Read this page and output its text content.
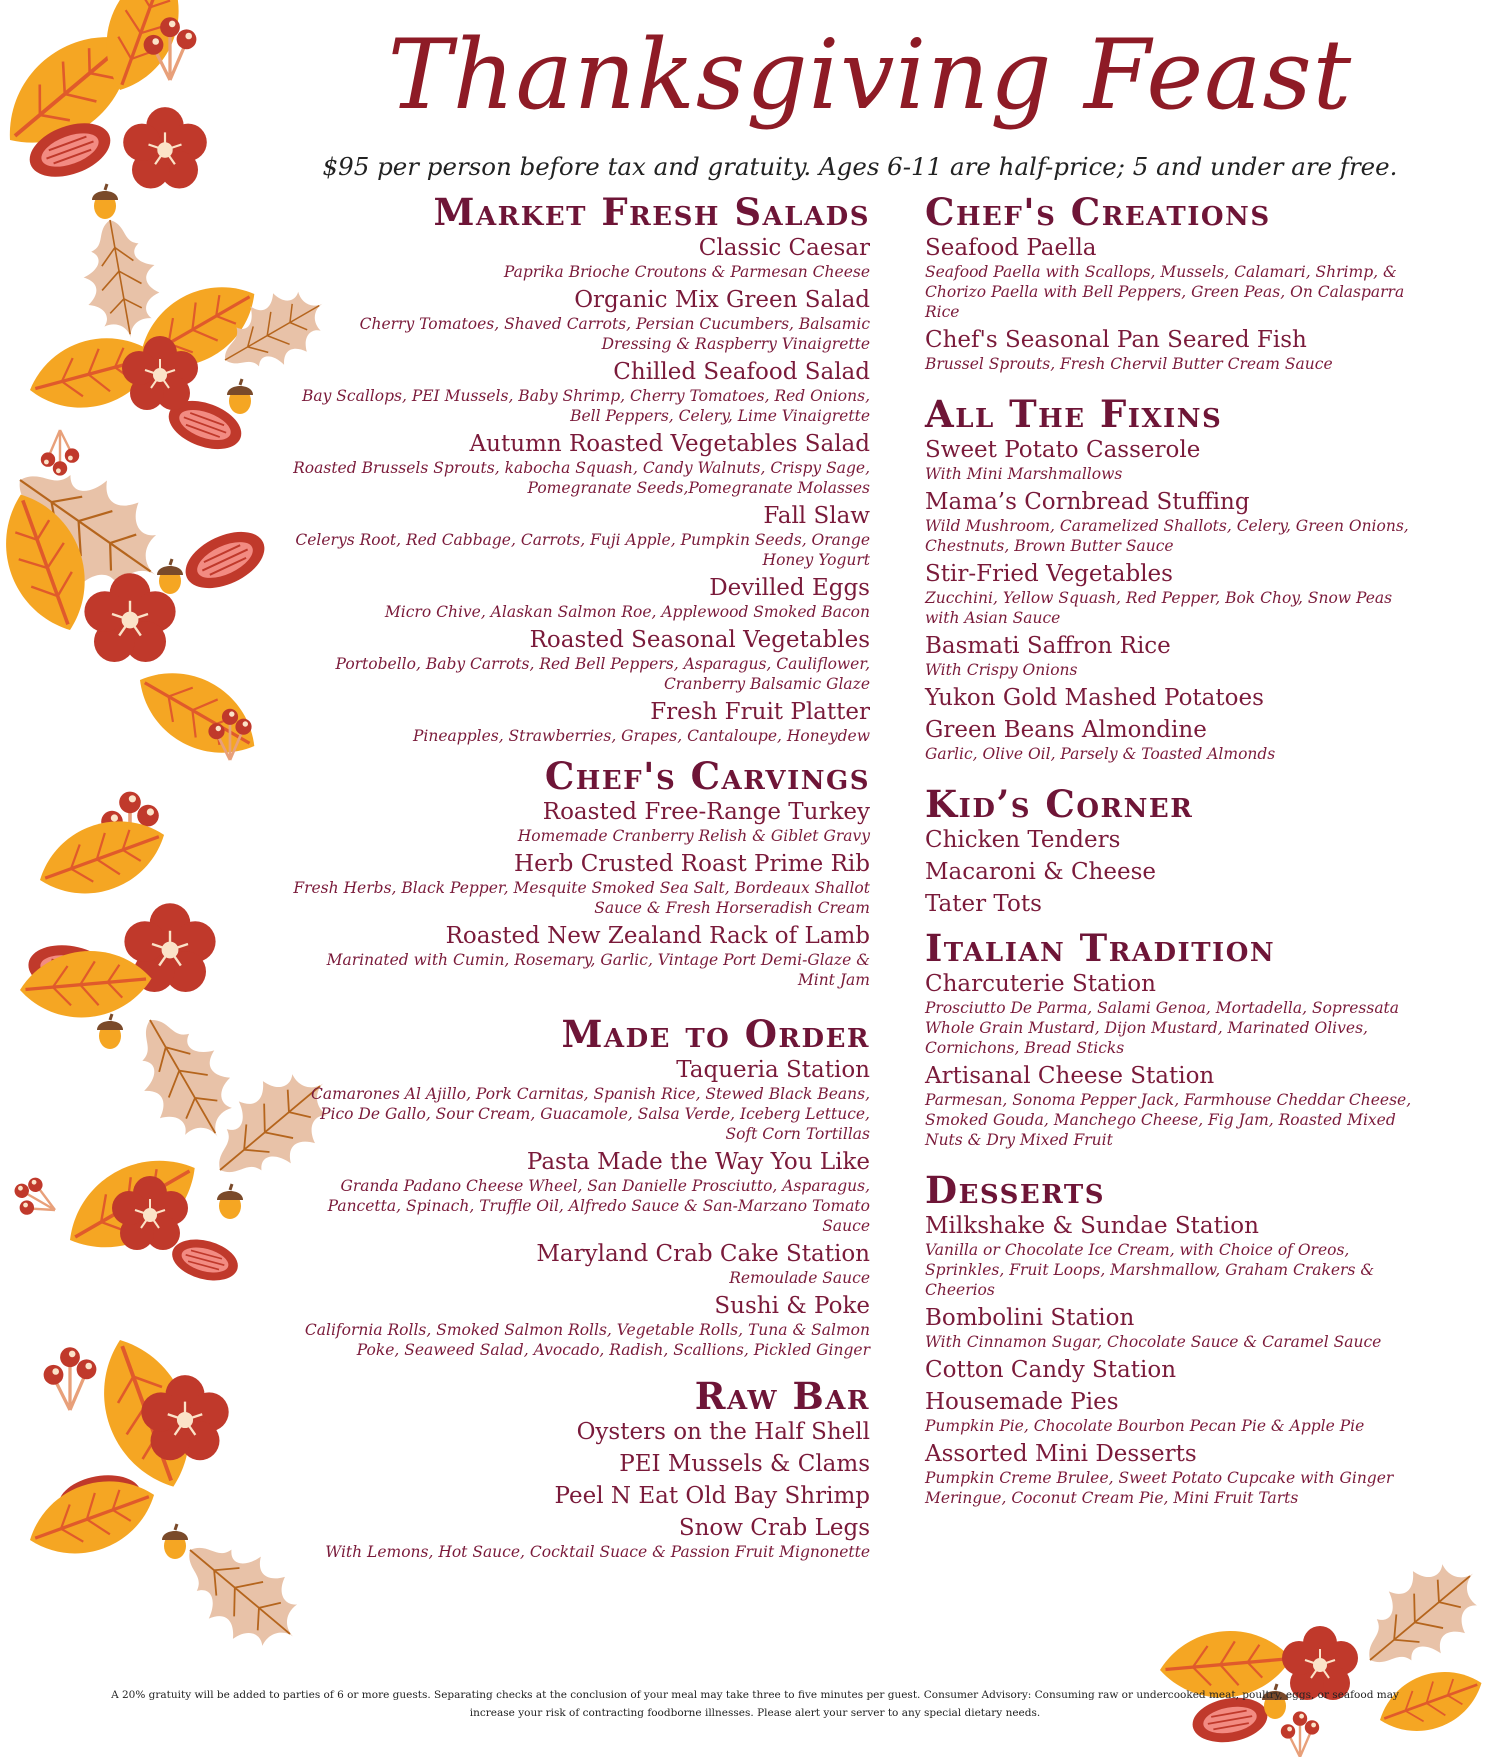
Thanksgiving Feast
$95 per person before tax and gratuity. Ages 6-11 are half-price; 5 and under are free.
Market Fresh Salads
Classic Caesar
Paprika Brioche Croutons & Parmesan Cheese
Organic Mix Green Salad
Cherry Tomatoes, Shaved Carrots, Persian Cucumbers, Balsamic Dressing & Raspberry Vinaigrette
Chilled Seafood Salad
Bay Scallops, PEI Mussels, Baby Shrimp, Cherry Tomatoes, Red Onions, Bell Peppers, Celery, Lime Vinaigrette
Autumn Roasted Vegetables Salad
Roasted Brussels Sprouts, kabocha Squash, Candy Walnuts, Crispy Sage, Pomegranate Seeds,Pomegranate Molasses
Fall Slaw
Celerys Root, Red Cabbage, Carrots, Fuji Apple, Pumpkin Seeds, Orange Honey Yogurt
Devilled Eggs
Micro Chive, Alaskan Salmon Roe, Applewood Smoked Bacon
Roasted Seasonal Vegetables
Portobello, Baby Carrots, Red Bell Peppers, Asparagus, Cauliflower, Cranberry Balsamic Glaze
Fresh Fruit Platter
Pineapples, Strawberries, Grapes, Cantaloupe, Honeydew
Chef's Carvings
Roasted Free-Range Turkey
Homemade Cranberry Relish & Giblet Gravy
Herb Crusted Roast Prime Rib
Fresh Herbs, Black Pepper, Mesquite Smoked Sea Salt, Bordeaux Shallot Sauce & Fresh Horseradish Cream
Roasted New Zealand Rack of Lamb
Marinated with Cumin, Rosemary, Garlic, Vintage Port Demi-Glaze & Mint Jam
Made to Order
Taqueria Station
Camarones Al Ajillo, Pork Carnitas, Spanish Rice, Stewed Black Beans, Pico De Gallo, Sour Cream, Guacamole, Salsa Verde, Iceberg Lettuce, Soft Corn Tortillas
Pasta Made the Way You Like
Granda Padano Cheese Wheel, San Danielle Prosciutto, Asparagus, Pancetta, Spinach, Truffle Oil, Alfredo Sauce & San-Marzano Tomato Sauce
Maryland Crab Cake Station
Remoulade Sauce
Sushi & Poke
California Rolls, Smoked Salmon Rolls, Vegetable Rolls, Tuna & Salmon Poke, Seaweed Salad, Avocado, Radish, Scallions, Pickled Ginger
Raw Bar
Oysters on the Half Shell
PEI Mussels & Clams
Peel N Eat Old Bay Shrimp
Snow Crab Legs
With Lemons, Hot Sauce, Cocktail Suace & Passion Fruit Mignonette
Chef's Creations
Seafood Paella
Seafood Paella with Scallops, Mussels, Calamari, Shrimp, & Chorizo Paella with Bell Peppers, Green Peas, On Calasparra Rice
Chef's Seasonal Pan Seared Fish
Brussel Sprouts, Fresh Chervil Butter Cream Sauce
All The Fixins
Sweet Potato Casserole
With Mini Marshmallows
Mama’s Cornbread Stuffing
Wild Mushroom, Caramelized Shallots, Celery, Green Onions, Chestnuts, Brown Butter Sauce
Stir-Fried Vegetables
Zucchini, Yellow Squash, Red Pepper, Bok Choy, Snow Peas with Asian Sauce
Basmati Saffron Rice
With Crispy Onions
Yukon Gold Mashed Potatoes
Green Beans Almondine
Garlic, Olive Oil, Parsely & Toasted Almonds
Kid’s Corner
Chicken Tenders
Macaroni & Cheese
Tater Tots
Italian Tradition
Charcuterie Station
Prosciutto De Parma, Salami Genoa, Mortadella, Sopressata Whole Grain Mustard, Dijon Mustard, Marinated Olives, Cornichons, Bread Sticks
Artisanal Cheese Station
Parmesan, Sonoma Pepper Jack, Farmhouse Cheddar Cheese, Smoked Gouda, Manchego Cheese, Fig Jam, Roasted Mixed Nuts & Dry Mixed Fruit
Desserts
Milkshake & Sundae Station
Vanilla or Chocolate Ice Cream, with Choice of Oreos, Sprinkles, Fruit Loops, Marshmallow, Graham Crakers & Cheerios
Bombolini Station
With Cinnamon Sugar, Chocolate Sauce & Caramel Sauce
Cotton Candy Station
Housemade Pies
Pumpkin Pie, Chocolate Bourbon Pecan Pie & Apple Pie
Assorted Mini Desserts
Pumpkin Creme Brulee, Sweet Potato Cupcake with Ginger Meringue, Coconut Cream Pie, Mini Fruit Tarts
A 20% gratuity will be added to parties of 6 or more guests. Separating checks at the conclusion of your meal may take three to five minutes per guest. Consumer Advisory: Consuming raw or undercooked meat, poultry, eggs, or seafood may increase your risk of contracting foodborne illnesses. Please alert your server to any special dietary needs.
